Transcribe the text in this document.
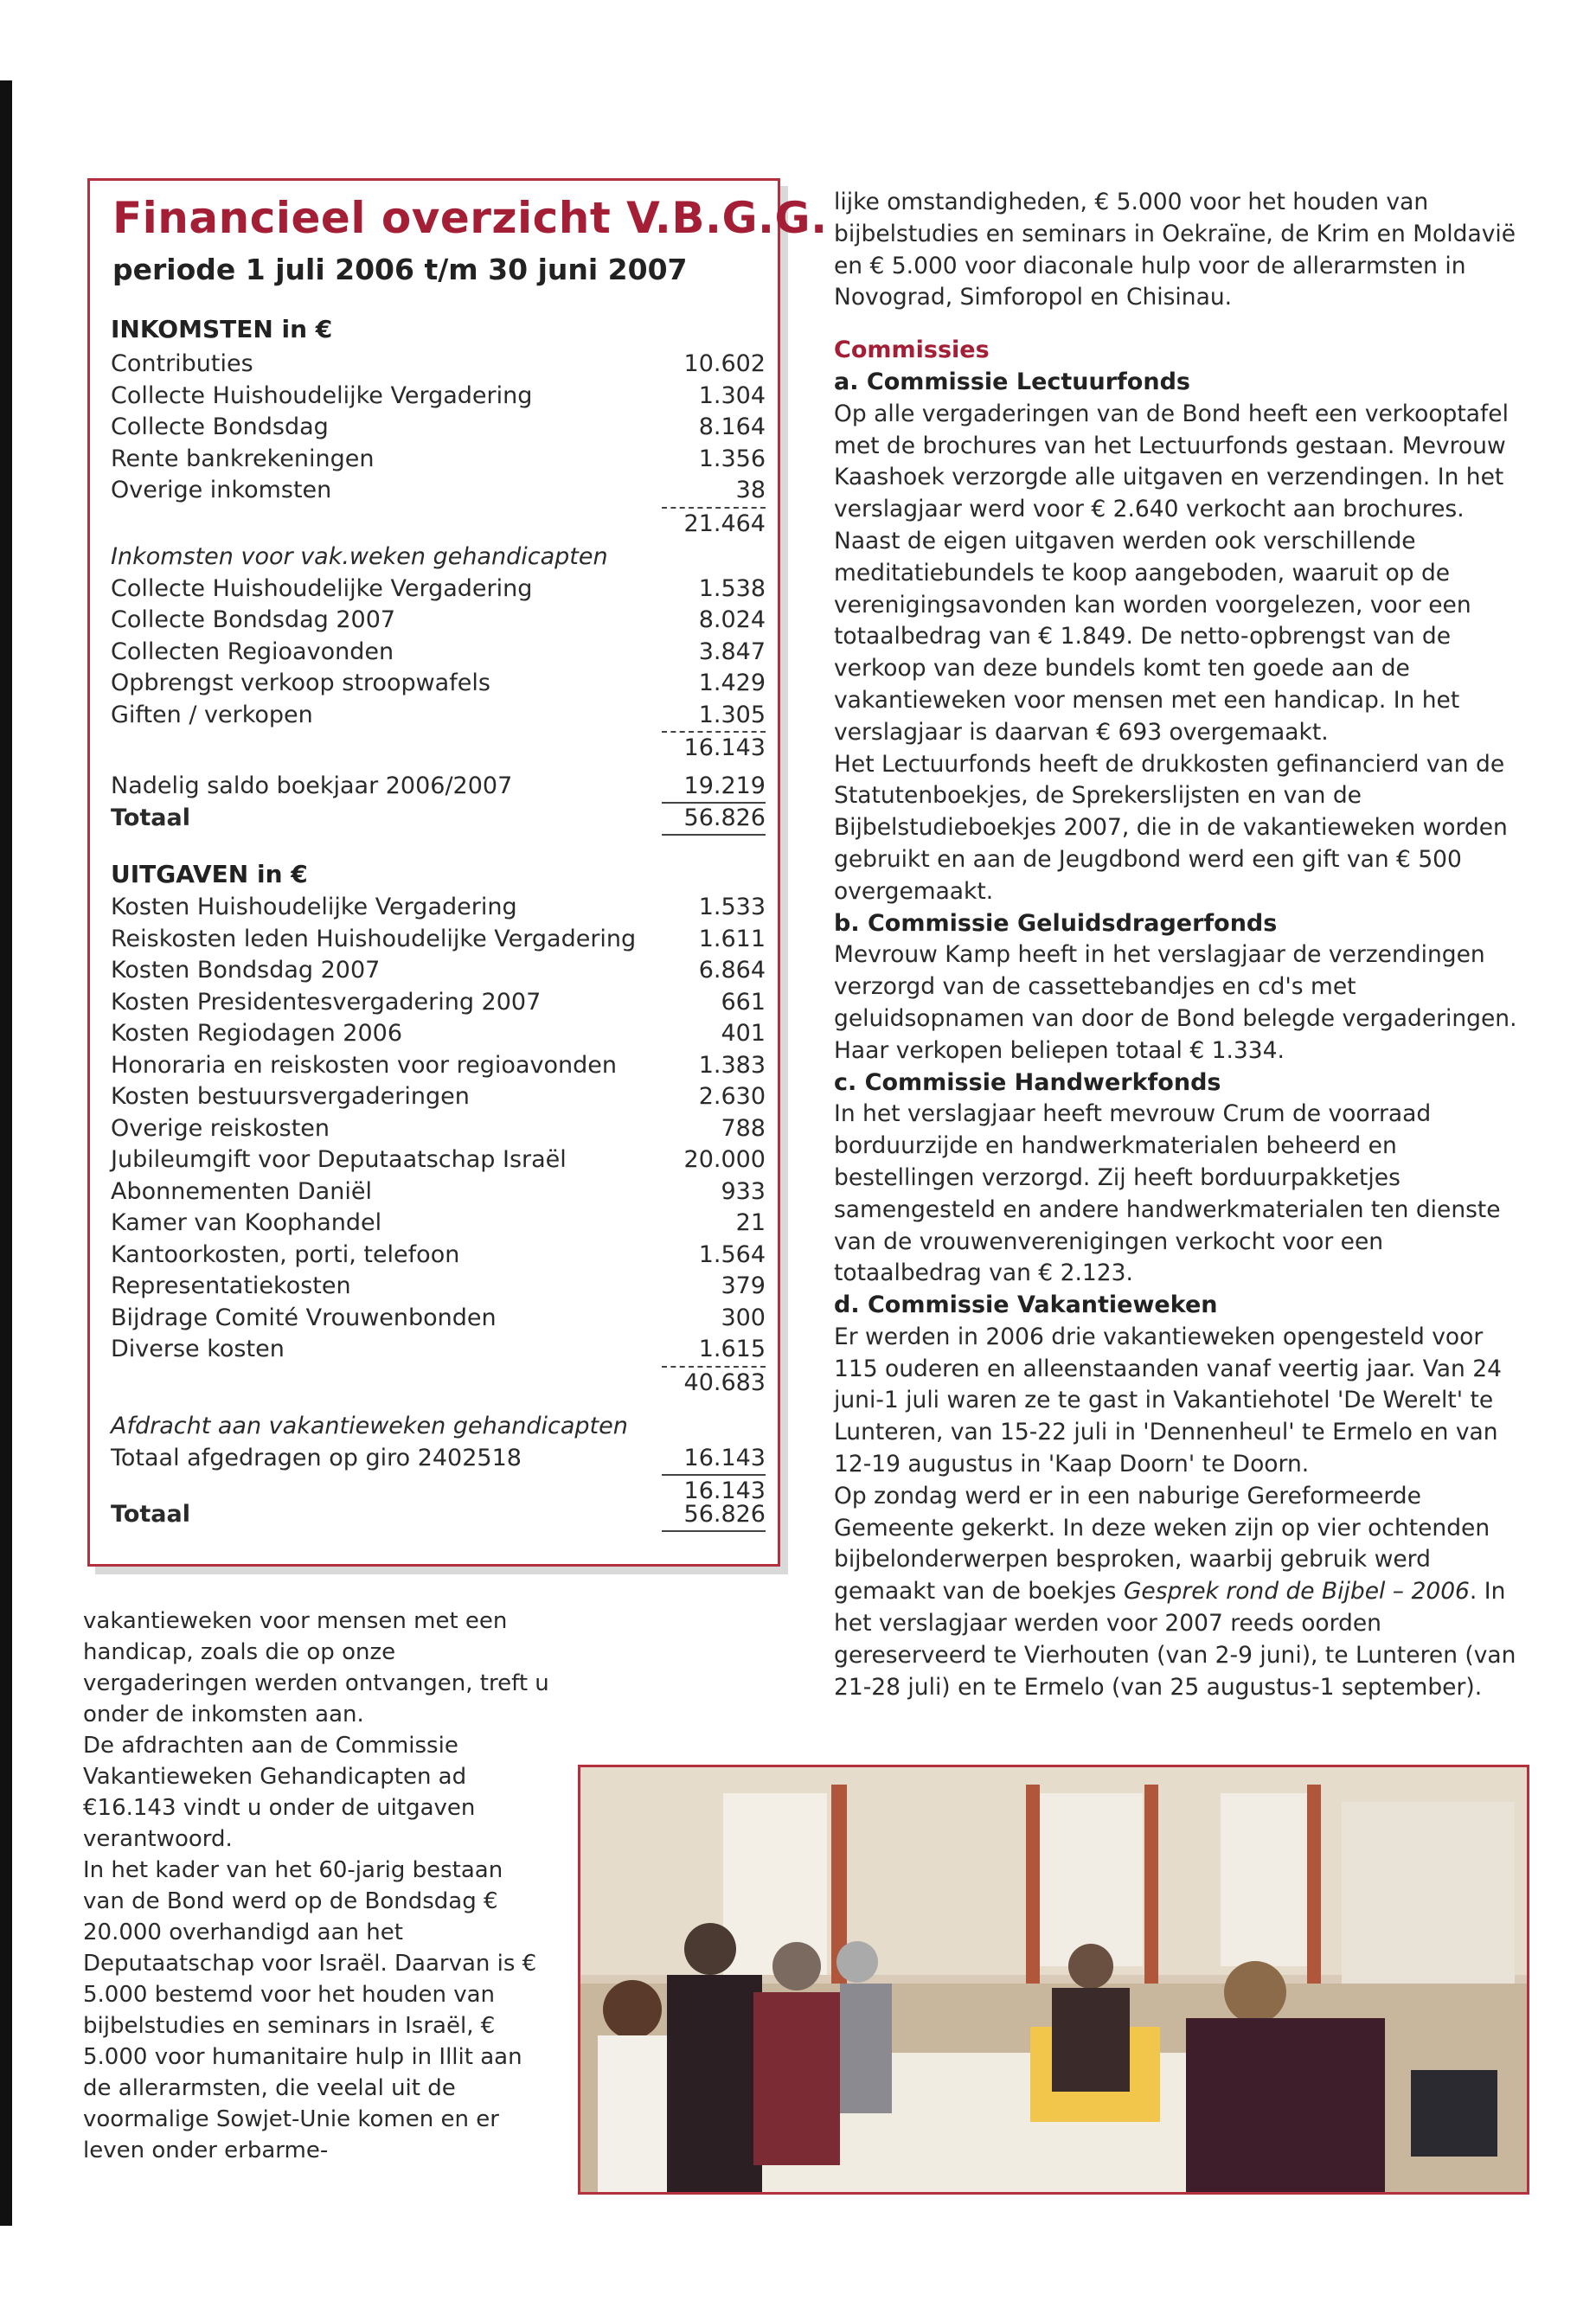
Financieel overzicht V.B.G.G.
periode 1 juli 2006 t/m 30 juni 2007
INKOMSTEN in €
Contributies	10.602
Collecte Huishoudelijke Vergadering	1.304
Collecte Bondsdag	8.164
Rente bankrekeningen	1.356
Overige inkomsten	38
21.464
Inkomsten voor vak.weken gehandicapten
Collecte Huishoudelijke Vergadering	1.538
Collecte Bondsdag 2007	8.024
Collecten Regioavonden	3.847
Opbrengst verkoop stroopwafels	1.429
Giften / verkopen	1.305
16.143
Nadelig saldo boekjaar 2006/2007	19.219
Totaal	56.826
UITGAVEN in €
Kosten Huishoudelijke Vergadering	1.533
Reiskosten leden Huishoudelijke Vergadering	1.611
Kosten Bondsdag 2007	6.864
Kosten Presidentesvergadering 2007	661
Kosten Regiodagen 2006	401
Honoraria en reiskosten voor regioavonden	1.383
Kosten bestuursvergaderingen	2.630
Overige reiskosten	788
Jubileumgift voor Deputaatschap Israël	20.000
Abonnementen Daniël	933
Kamer van Koophandel	21
Kantoorkosten, porti, telefoon	1.564
Representatiekosten	379
Bijdrage Comité Vrouwenbonden	300
Diverse kosten	1.615
40.683
Afdracht aan vakantieweken gehandicapten
Totaal afgedragen op giro 2402518	16.143
16.143
Totaal	56.826

lijke omstandigheden, € 5.000 voor het houden van bijbelstudies en seminars in Oekraïne, de Krim en Moldavië en € 5.000 voor diaconale hulp voor de allerarmsten in Novograd, Simforopol en Chisinau.

Commissies

a. Commissie Lectuurfonds

Op alle vergaderingen van de Bond heeft een verkooptafel met de brochures van het Lectuurfonds gestaan. Mevrouw Kaashoek verzorgde alle uitgaven en verzendingen. In het verslagjaar werd voor € 2.640 verkocht aan brochures. Naast de eigen uitgaven werden ook verschillende meditatiebundels te koop aangeboden, waaruit op de verenigingsavonden kan worden voorgelezen, voor een totaalbedrag van € 1.849. De netto-opbrengst van de verkoop van deze bundels komt ten goede aan de vakantieweken voor mensen met een handicap. In het verslagjaar is daarvan € 693 overgemaakt.

Het Lectuurfonds heeft de drukkosten gefinancierd van de Statutenboekjes, de Sprekerslijsten en van de Bijbelstudieboekjes 2007, die in de vakantieweken worden gebruikt en aan de Jeugdbond werd een gift van € 500 overgemaakt.

b. Commissie Geluidsdragerfonds

Mevrouw Kamp heeft in het verslagjaar de verzendingen verzorgd van de cassettebandjes en cd's met geluidsopnamen van door de Bond belegde vergaderingen. Haar verkopen beliepen totaal € 1.334.

c. Commissie Handwerkfonds

In het verslagjaar heeft mevrouw Crum de voorraad borduurzijde en handwerkmaterialen beheerd en bestellingen verzorgd. Zij heeft borduurpakketjes samengesteld en andere handwerkmaterialen ten dienste van de vrouwenverenigingen verkocht voor een totaalbedrag van € 2.123.

d. Commissie Vakantieweken

Er werden in 2006 drie vakantieweken opengesteld voor 115 ouderen en alleenstaanden vanaf veertig jaar. Van 24 juni-1 juli waren ze te gast in Vakantiehotel 'De Werelt' te Lunteren, van 15-22 juli in 'Dennenheul' te Ermelo en van 12-19 augustus in 'Kaap Doorn' te Doorn.

Op zondag werd er in een naburige Gereformeerde Gemeente gekerkt. In deze weken zijn op vier ochtenden bijbelonderwerpen besproken, waarbij gebruik werd gemaakt van de boekjes Gesprek rond de Bijbel – 2006. In het verslagjaar werden voor 2007 reeds oorden gereserveerd te Vierhouten (van 2-9 juni), te Lunteren (van 21-28 juli) en te Ermelo (van 25 augustus-1 september).

vakantieweken voor mensen met een handicap, zoals die op onze vergaderingen werden ontvangen, treft u onder de inkomsten aan.

De afdrachten aan de Commissie Vakantieweken Gehandicapten ad €16.143 vindt u onder de uitgaven verantwoord.

In het kader van het 60-jarig bestaan van de Bond werd op de Bondsdag € 20.000 overhandigd aan het Deputaatschap voor Israël. Daarvan is € 5.000 bestemd voor het houden van bijbelstudies en seminars in Israël, € 5.000 voor humanitaire hulp in Illit aan de allerarmsten, die veelal uit de voormalige Sowjet-Unie komen en er leven onder erbarme-
